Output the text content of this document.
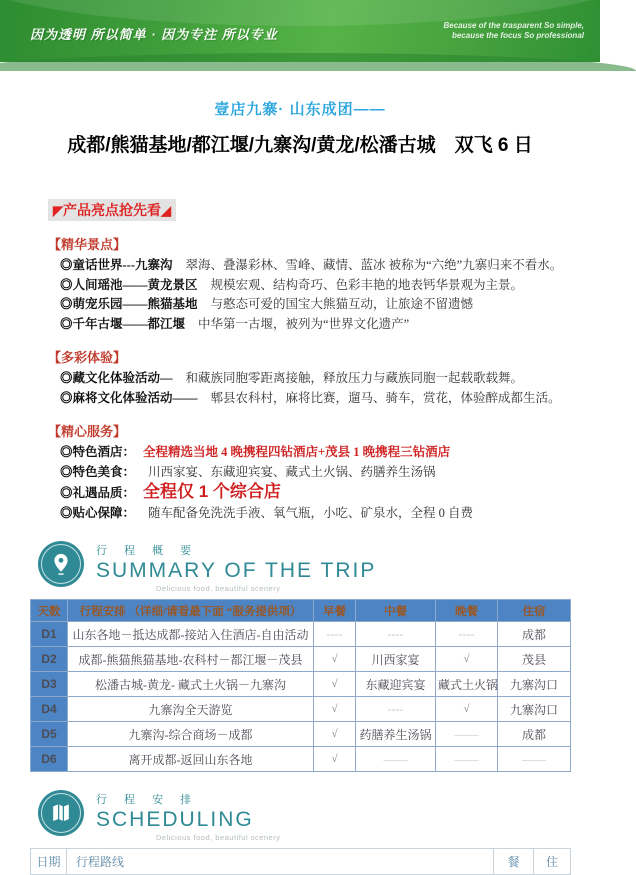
因为透明 所以简单 · 因为专注 所以专业
Because of the trasparent So simple,
because the focus So professional
壹店九寨· 山东成团——
成都/熊猫基地/都江堰/九寨沟/黄龙/松潘古城　双飞 6 日
◤产品亮点抢先看◢
【精华景点】
◎童话世界---九寨沟 翠海、叠瀑彩林、雪峰、藏情、蓝冰 被称为“六绝”九寨归来不看水。
◎人间瑶池——黄龙景区 规模宏观、结构奇巧、色彩丰艳的地表钙华景观为主景。
◎萌宠乐园——熊猫基地 与憨态可爱的国宝大熊猫互动，让旅途不留遗憾
◎千年古堰——都江堰 中华第一古堰，被列为“世界文化遗产”
【多彩体验】
◎藏文化体验活动— 和藏族同胞零距离接触，释放压力与藏族同胞一起载歌载舞。
◎麻将文化体验活动—— 郫县农科村，麻将比赛，遛马、骑车，赏花，体验醉成都生活。
【精心服务】
◎特色酒店： 全程精选当地 4 晚携程四钻酒店+茂县 1 晚携程三钻酒店
◎特色美食： 川西家宴、东藏迎宾宴、藏式土火锅、药膳养生汤锅
◎礼遇品质： 全程仅 1 个综合店
◎贴心保障： 随车配备免洗洗手液、氧气瓶，小吃、矿泉水，全程 0 自费
行 程 概 要
SUMMARY OF THE TRIP
Delicious food, beautiful scenery
天数	行程安排 （详细/请看最下面 “服务提供项）	早餐	中餐	晚餐	住宿
D1	山东各地－抵达成都-接站入住酒店-自由活动	----	----	----	成都
D2	成都-熊猫熊猫基地-农科村－都江堰－茂县	√	川西家宴	√	茂县
D3	松潘古城-黄龙- 藏式土火锅－九寨沟	√	东藏迎宾宴	藏式土火锅	九寨沟口
D4	九寨沟全天游览	√	----	√	九寨沟口
D5	九寨沟-综合商场－成都	√	药膳养生汤锅	——	成都
D6	离开成都-返回山东各地	√	——	——	——
行 程 安 排
SCHEDULING
Delicious food, beautiful scenery
日期	行程路线	餐	住
